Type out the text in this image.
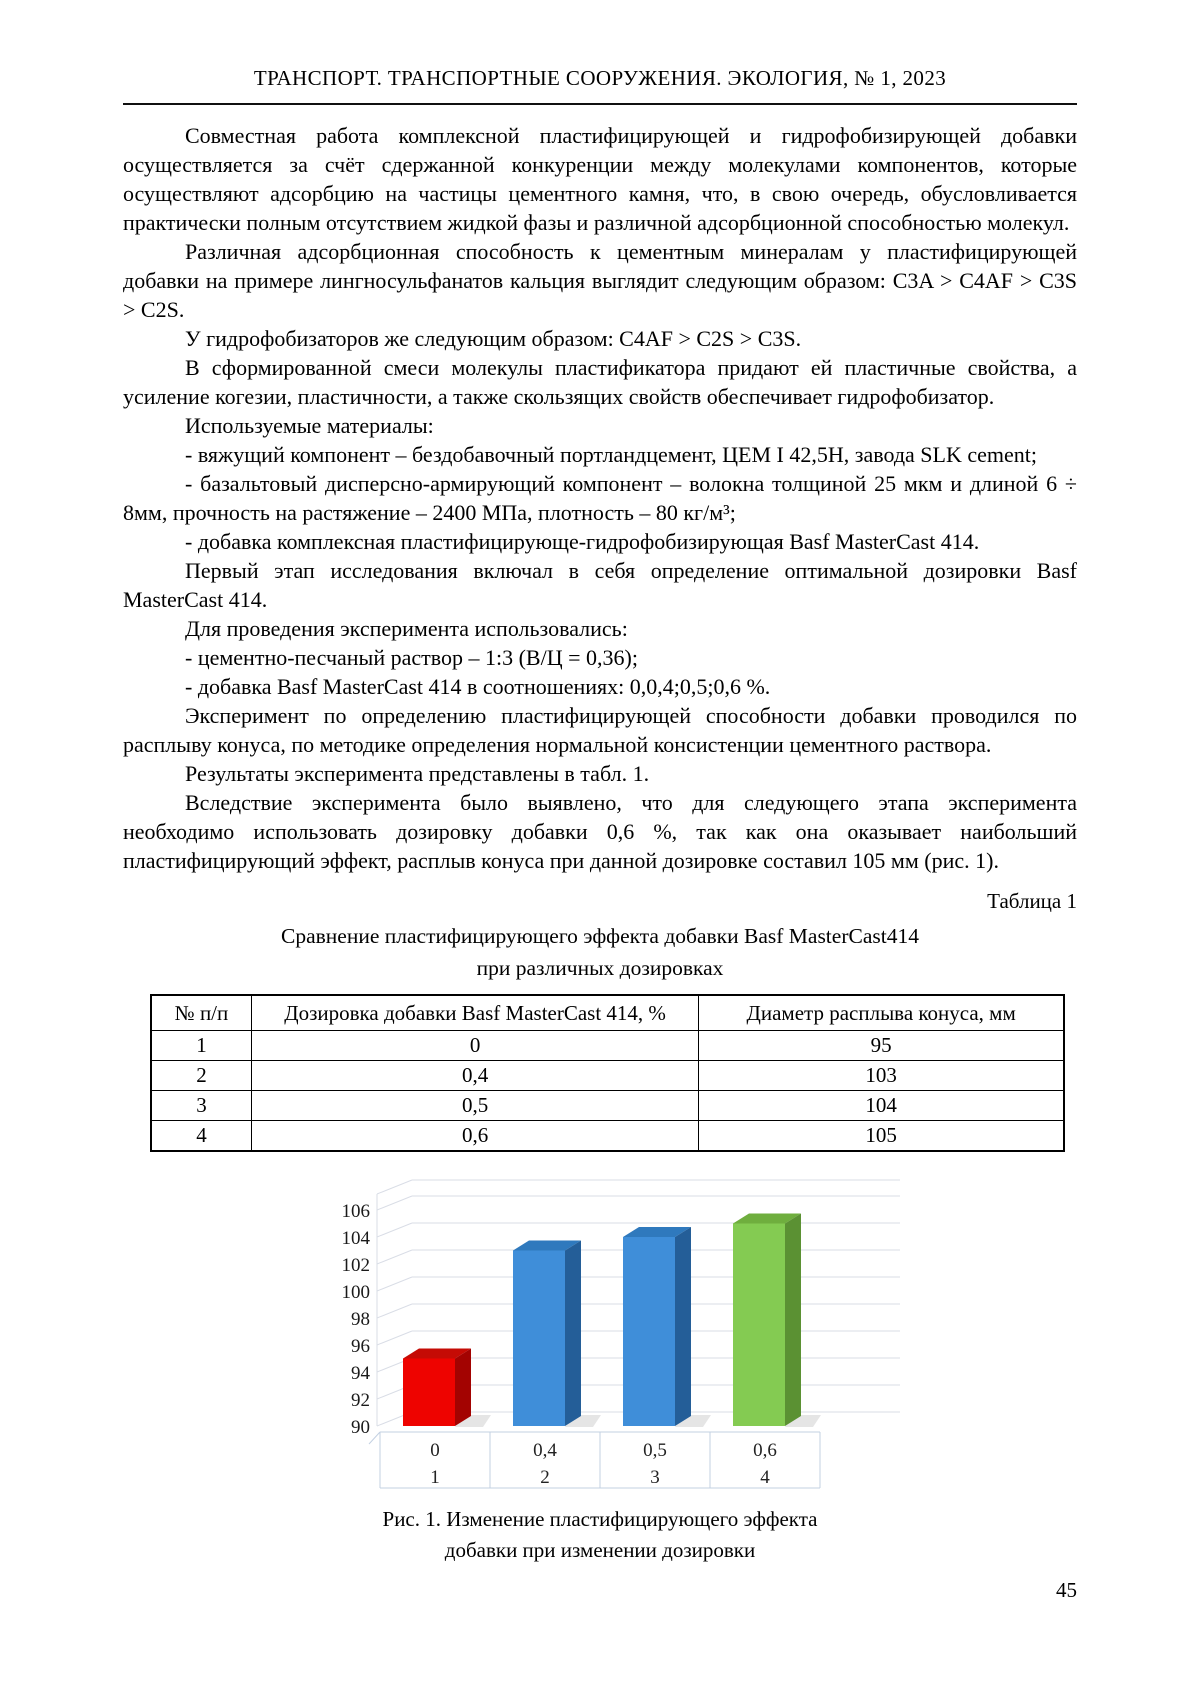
ТРАНСПОРТ. ТРАНСПОРТНЫЕ СООРУЖЕНИЯ. ЭКОЛОГИЯ, № 1, 2023

Совместная работа комплексной пластифицирующей и гидрофобизирующей добавки осуществляется за счёт сдержанной конкуренции между молекулами компонентов, которые осуществляют адсорбцию на частицы цементного камня, что, в свою очередь, обусловливается практически полным отсутствием жидкой фазы и различной адсорбционной способностью молекул.

Различная адсорбционная способность к цементным минералам у пластифицирующей добавки на примере лингносульфанатов кальция выглядит следующим образом: C3A > C4AF > C3S > C2S.

У гидрофобизаторов же следующим образом: C4AF > C2S > C3S.

В сформированной смеси молекулы пластификатора придают ей пластичные свойства, а усиление когезии, пластичности, а также скользящих свойств обеспечивает гидрофобизатор.

Используемые материалы:

- вяжущий компонент – бездобавочный портландцемент, ЦЕМ I 42,5Н, завода SLK cement;

- базальтовый дисперсно-армирующий компонент – волокна толщиной 25 мкм и длиной 6 ÷ 8мм, прочность на растяжение – 2400 МПа, плотность – 80 кг/м³;

- добавка комплексная пластифицирующе-гидрофобизирующая Basf MasterCast 414.

Первый этап исследования включал в себя определение оптимальной дозировки Basf MasterCast 414.

Для проведения эксперимента использовались:

- цементно-песчаный раствор – 1:3 (В/Ц = 0,36);

- добавка Basf MasterCast 414 в соотношениях: 0,0,4;0,5;0,6 %.

Эксперимент по определению пластифицирующей способности добавки проводился по расплыву конуса, по методике определения нормальной консистенции цементного раствора.

Результаты эксперимента представлены в табл. 1.

Вследствие эксперимента было выявлено, что для следующего этапа эксперимента необходимо использовать дозировку добавки 0,6 %, так как она оказывает наибольший пластифицирующий эффект, расплыв конуса при данной дозировке составил 105 мм (рис. 1).

Таблица 1
Сравнение пластифицирующего эффекта добавки Basf MasterCast414
при различных дозировках
№ п/п	Дозировка добавки Basf MasterCast 414, %	Диаметр расплыва конуса, мм
1	0	95
2	0,4	103
3	0,5	104
4	0,6	105
90
92
94
96
98
100
102
104
106
0
1
0,4
2
0,5
3
0,6
4
Рис. 1. Изменение пластифицирующего эффекта
добавки при изменении дозировки
45
